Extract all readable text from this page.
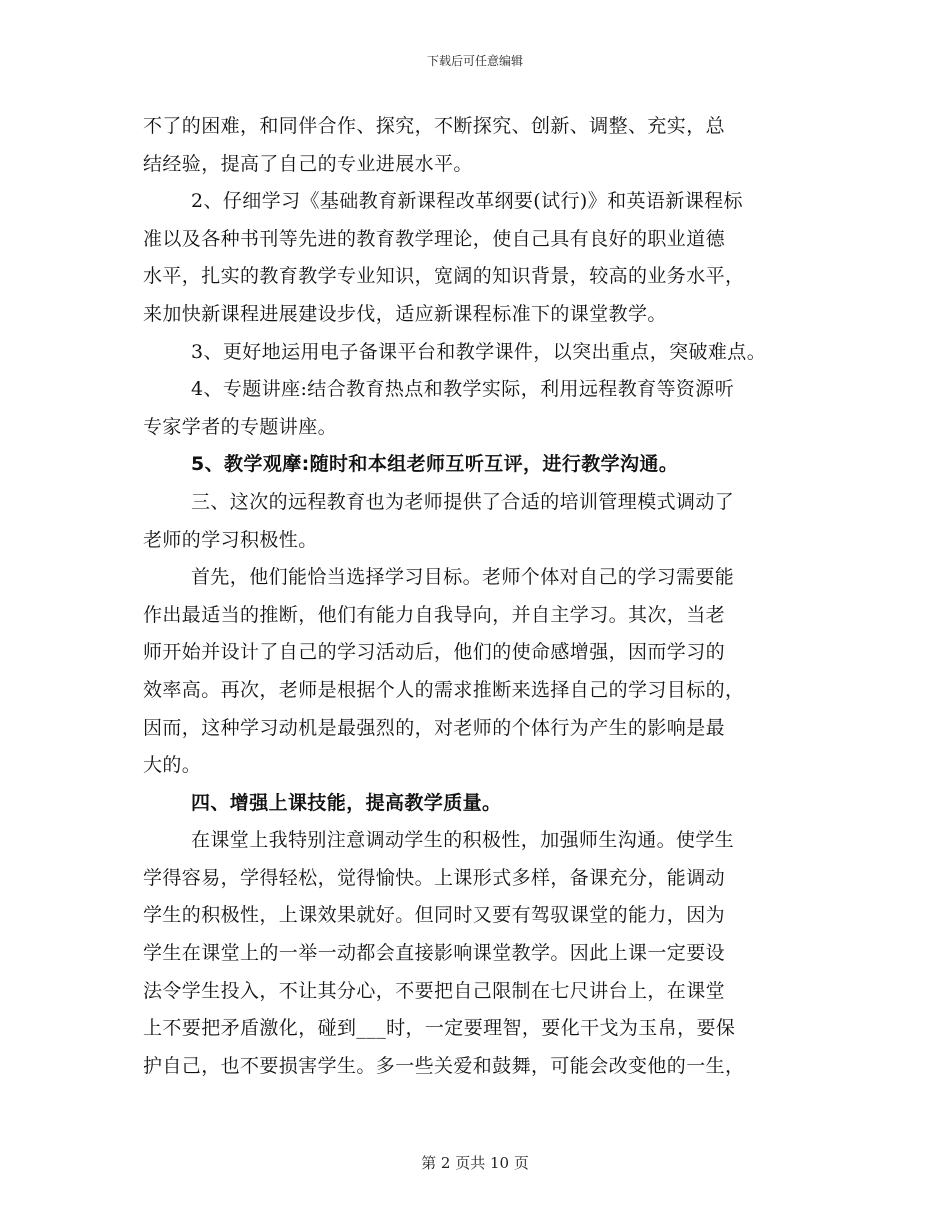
下载后可任意编辑
不了的困难，和同伴合作、探究，不断探究、创新、调整、充实，总
结经验，提高了自己的专业进展水平。
2、仔细学习《基础教育新课程改革纲要(试行)》和英语新课程标
准以及各种书刊等先进的教育教学理论，使自己具有良好的职业道德
水平，扎实的教育教学专业知识，宽阔的知识背景，较高的业务水平，
来加快新课程进展建设步伐，适应新课程标准下的课堂教学。
3、更好地运用电子备课平台和教学课件，以突出重点，突破难点。
4、专题讲座:结合教育热点和教学实际，利用远程教育等资源听
专家学者的专题讲座。
5、教学观摩:随时和本组老师互听互评，进行教学沟通。
三、这次的远程教育也为老师提供了合适的培训管理模式调动了
老师的学习积极性。
首先，他们能恰当选择学习目标。老师个体对自己的学习需要能
作出最适当的推断，他们有能力自我导向，并自主学习。其次，当老
师开始并设计了自己的学习活动后，他们的使命感增强，因而学习的
效率高。再次，老师是根据个人的需求推断来选择自己的学习目标的，
因而，这种学习动机是最强烈的，对老师的个体行为产生的影响是最
大的。
四、增强上课技能，提高教学质量。
在课堂上我特别注意调动学生的积极性，加强师生沟通。使学生
学得容易，学得轻松，觉得愉快。上课形式多样，备课充分，能调动
学生的积极性，上课效果就好。但同时又要有驾驭课堂的能力，因为
学生在课堂上的一举一动都会直接影响课堂教学。因此上课一定要设
法令学生投入，不让其分心，不要把自己限制在七尺讲台上，在课堂
上不要把矛盾激化，碰到___时，一定要理智，要化干戈为玉帛，要保
护自己，也不要损害学生。多一些关爱和鼓舞，可能会改变他的一生，
第 2 页共 10 页
